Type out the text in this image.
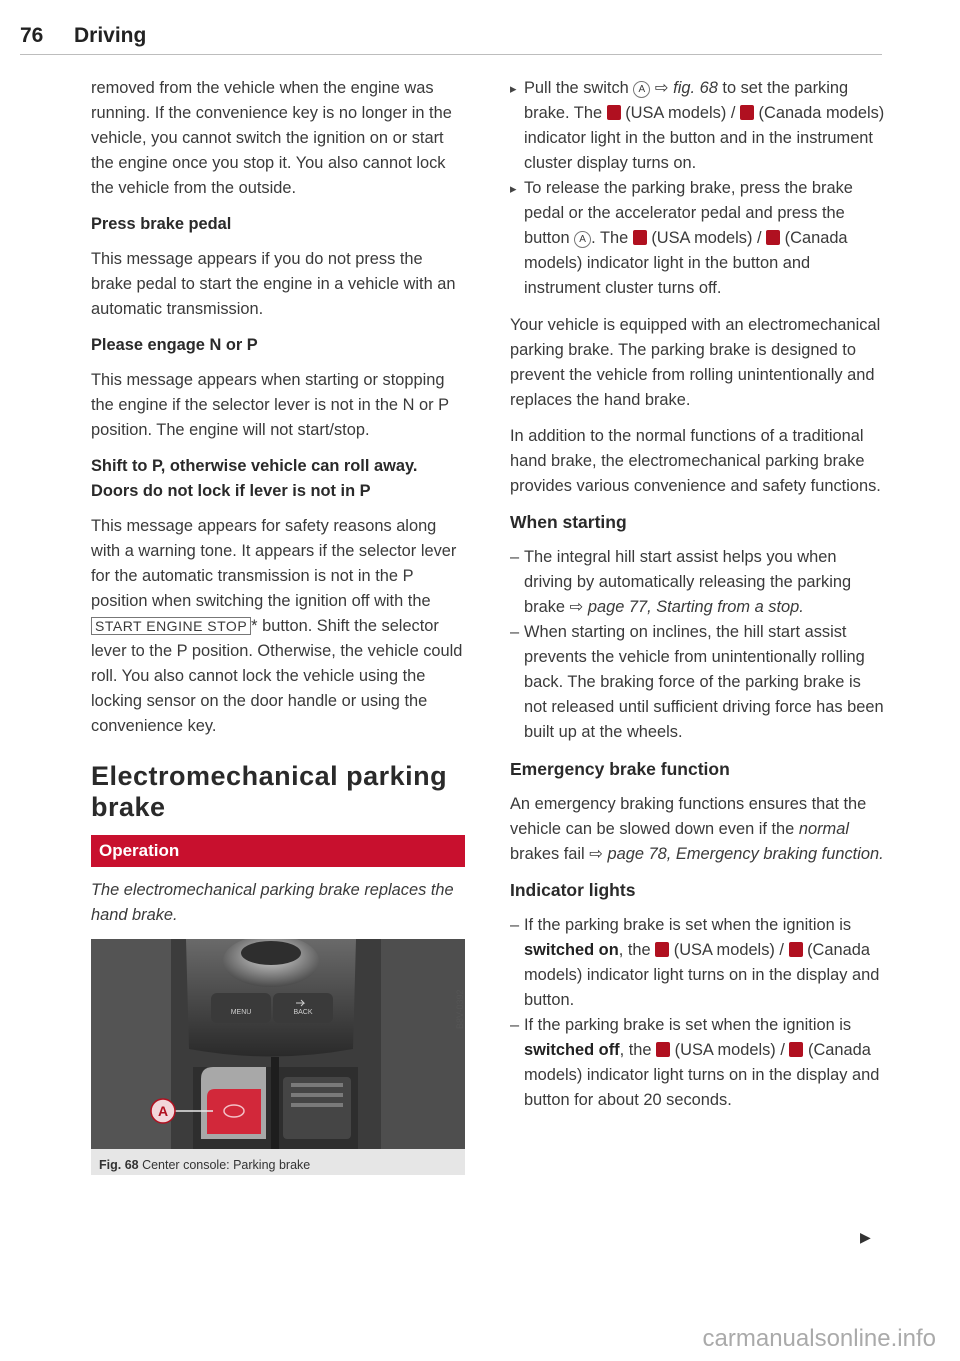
76 Driving

removed from the vehicle when the engine was running. If the convenience key is no longer in the vehicle, you cannot switch the ignition on or start the engine once you stop it. You also cannot lock the vehicle from the outside.

Press brake pedal

This message appears if you do not press the brake pedal to start the engine in a vehicle with an automatic transmission.

Please engage N or P

This message appears when starting or stopping the engine if the selector lever is not in the N or P position. The engine will not start/stop.

Shift to P, otherwise vehicle can roll away.
Doors do not lock if lever is not in P

This message appears for safety reasons along with a warning tone. It appears if the selector lever for the automatic transmission is not in the P position when switching the ignition off with the START ENGINE STOP * button. Shift the selector lever to the P position. Otherwise, the vehicle could roll. You also cannot lock the vehicle using the locking sensor on the door handle or using the convenience key.

Electromechanical parking brake
Operation

The electromechanical parking brake replaces the hand brake.

MENU	BACK
A
B8V-0392
Fig. 68 Center console: Parking brake
▸ Pull the switch A ⇨ fig. 68 to set the parking brake. The (USA models) / (Canada models) indicator light in the button and in the instrument cluster display turns on.
▸ To release the parking brake, press the brake pedal or the accelerator pedal and press the button A . The (USA models) / (Canada models) indicator light in the button and instrument cluster turns off.

Your vehicle is equipped with an electromechanical parking brake. The parking brake is designed to prevent the vehicle from rolling unintentionally and replaces the hand brake.

In addition to the normal functions of a traditional hand brake, the electromechanical parking brake provides various convenience and safety functions.

When starting
– The integral hill start assist helps you when driving by automatically releasing the parking brake ⇨ page 77, Starting from a stop.
– When starting on inclines, the hill start assist prevents the vehicle from unintentionally rolling back. The braking force of the parking brake is not released until sufficient driving force has been built up at the wheels.
Emergency brake function

An emergency braking functions ensures that the vehicle can be slowed down even if the normal brakes fail ⇨ page 78, Emergency braking function.

Indicator lights
– If the parking brake is set when the ignition is switched on, the (USA models) / (Canada models) indicator light turns on in the display and button.
– If the parking brake is set when the ignition is switched off, the (USA models) / (Canada models) indicator light turns on in the display and button for about 20 seconds.
▶
carmanualsonline.info
